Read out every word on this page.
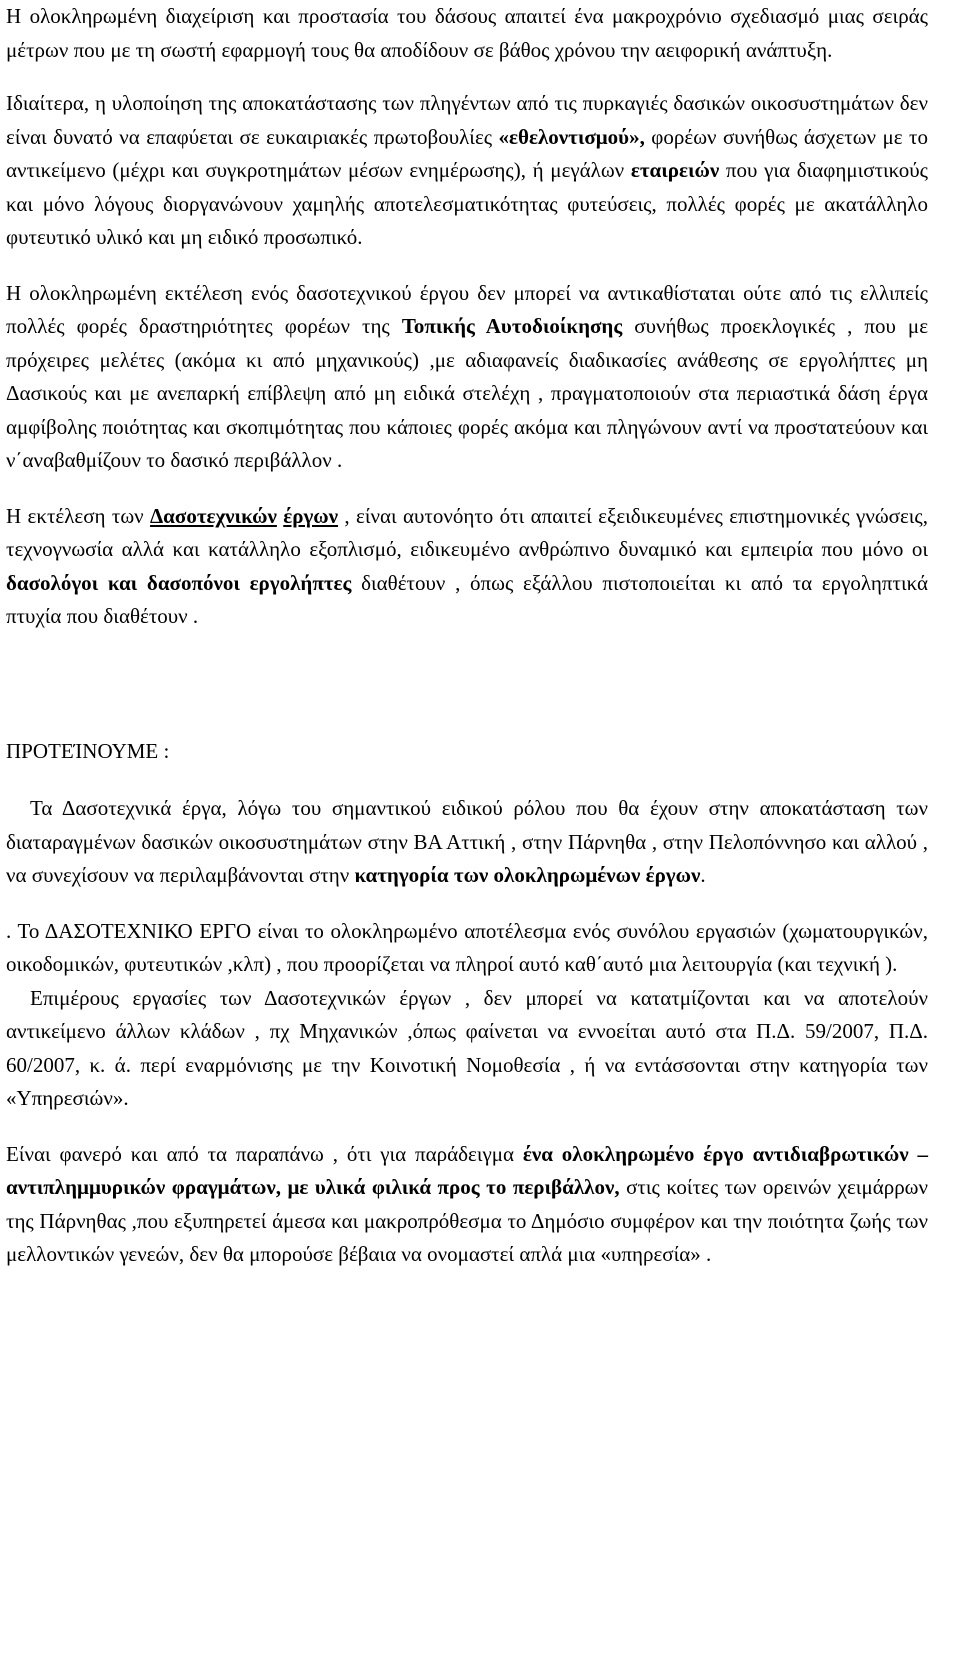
Η ολοκληρωμένη διαχείριση και προστασία του δάσους απαιτεί ένα μακροχρόνιο σχεδιασμό μιας σειράς μέτρων που με τη σωστή εφαρμογή τους θα αποδίδουν σε βάθος χρόνου την αειφορική ανάπτυξη.

Ιδιαίτερα, η υλοποίηση της αποκατάστασης των πληγέντων από τις πυρκαγιές δασικών οικοσυστημάτων δεν είναι δυνατό να επαφύεται σε ευκαιριακές πρωτοβουλίες «εθελοντισμού», φορέων συνήθως άσχετων με το αντικείμενο (μέχρι και συγκροτημάτων μέσων ενημέρωσης), ή μεγάλων εταιρειών που για διαφημιστικούς και μόνο λόγους διοργανώνουν χαμηλής αποτελεσματικότητας φυτεύσεις, πολλές φορές με ακατάλληλο φυτευτικό υλικό και μη ειδικό προσωπικό.

Η ολοκληρωμένη εκτέλεση ενός δασοτεχνικού έργου δεν μπορεί να αντικαθίσταται ούτε από τις ελλιπείς πολλές φορές δραστηριότητες φορέων της Τοπικής Αυτοδιοίκησης συνήθως προεκλογικές , που με πρόχειρες μελέτες (ακόμα κι από μηχανικούς) ,με αδιαφανείς διαδικασίες ανάθεσης σε εργολήπτες μη Δασικούς και με ανεπαρκή επίβλεψη από μη ειδικά στελέχη , πραγματοποιούν στα περιαστικά δάση έργα αμφίβολης ποιότητας και σκοπιμότητας που κάποιες φορές ακόμα και πληγώνουν αντί να προστατεύουν και ν΄αναβαθμίζουν το δασικό περιβάλλον .

Η εκτέλεση των Δασοτεχνικών έργων , είναι αυτονόητο ότι απαιτεί εξειδικευμένες επιστημονικές γνώσεις, τεχνογνωσία αλλά και κατάλληλο εξοπλισμό, ειδικευμένο ανθρώπινο δυναμικό και εμπειρία που μόνο οι δασολόγοι και δασοπόνοι εργολήπτες διαθέτουν , όπως εξάλλου πιστοποιείται κι από τα εργοληπτικά πτυχία που διαθέτουν .

ΠΡΟΤΕΊΝΟΥΜΕ :

Τα Δασοτεχνικά έργα, λόγω του σημαντικού ειδικού ρόλου που θα έχουν στην αποκατάσταση των διαταραγμένων δασικών οικοσυστημάτων στην ΒΑ Αττική , στην Πάρνηθα , στην Πελοπόννησο και αλλού , να συνεχίσουν να περιλαμβάνονται στην κατηγορία των ολοκληρωμένων έργων.

. Το ΔΑΣΟΤΕΧΝΙΚΟ ΕΡΓΟ είναι το ολοκληρωμένο αποτέλεσμα ενός συνόλου εργασιών (χωματουργικών, οικοδομικών, φυτευτικών ,κλπ) , που προορίζεται να πληροί αυτό καθ΄αυτό μια λειτουργία (και τεχνική ).

Επιμέρους εργασίες των Δασοτεχνικών έργων , δεν μπορεί να κατατμίζονται και να αποτελούν αντικείμενο άλλων κλάδων , πχ Μηχανικών ,όπως φαίνεται να εννοείται αυτό στα Π.Δ. 59/2007, Π.Δ. 60/2007, κ. ά. περί εναρμόνισης με την Κοινοτική Νομοθεσία , ή να εντάσσονται στην κατηγορία των «Υπηρεσιών».

Είναι φανερό και από τα παραπάνω , ότι για παράδειγμα ένα ολοκληρωμένο έργο αντιδιαβρωτικών –αντιπλημμυρικών φραγμάτων, με υλικά φιλικά προς το περιβάλλον, στις κοίτες των ορεινών χειμάρρων της Πάρνηθας ,που εξυπηρετεί άμεσα και μακροπρόθεσμα το Δημόσιο συμφέρον και την ποιότητα ζωής των μελλοντικών γενεών, δεν θα μπορούσε βέβαια να ονομαστεί απλά μια «υπηρεσία» .
